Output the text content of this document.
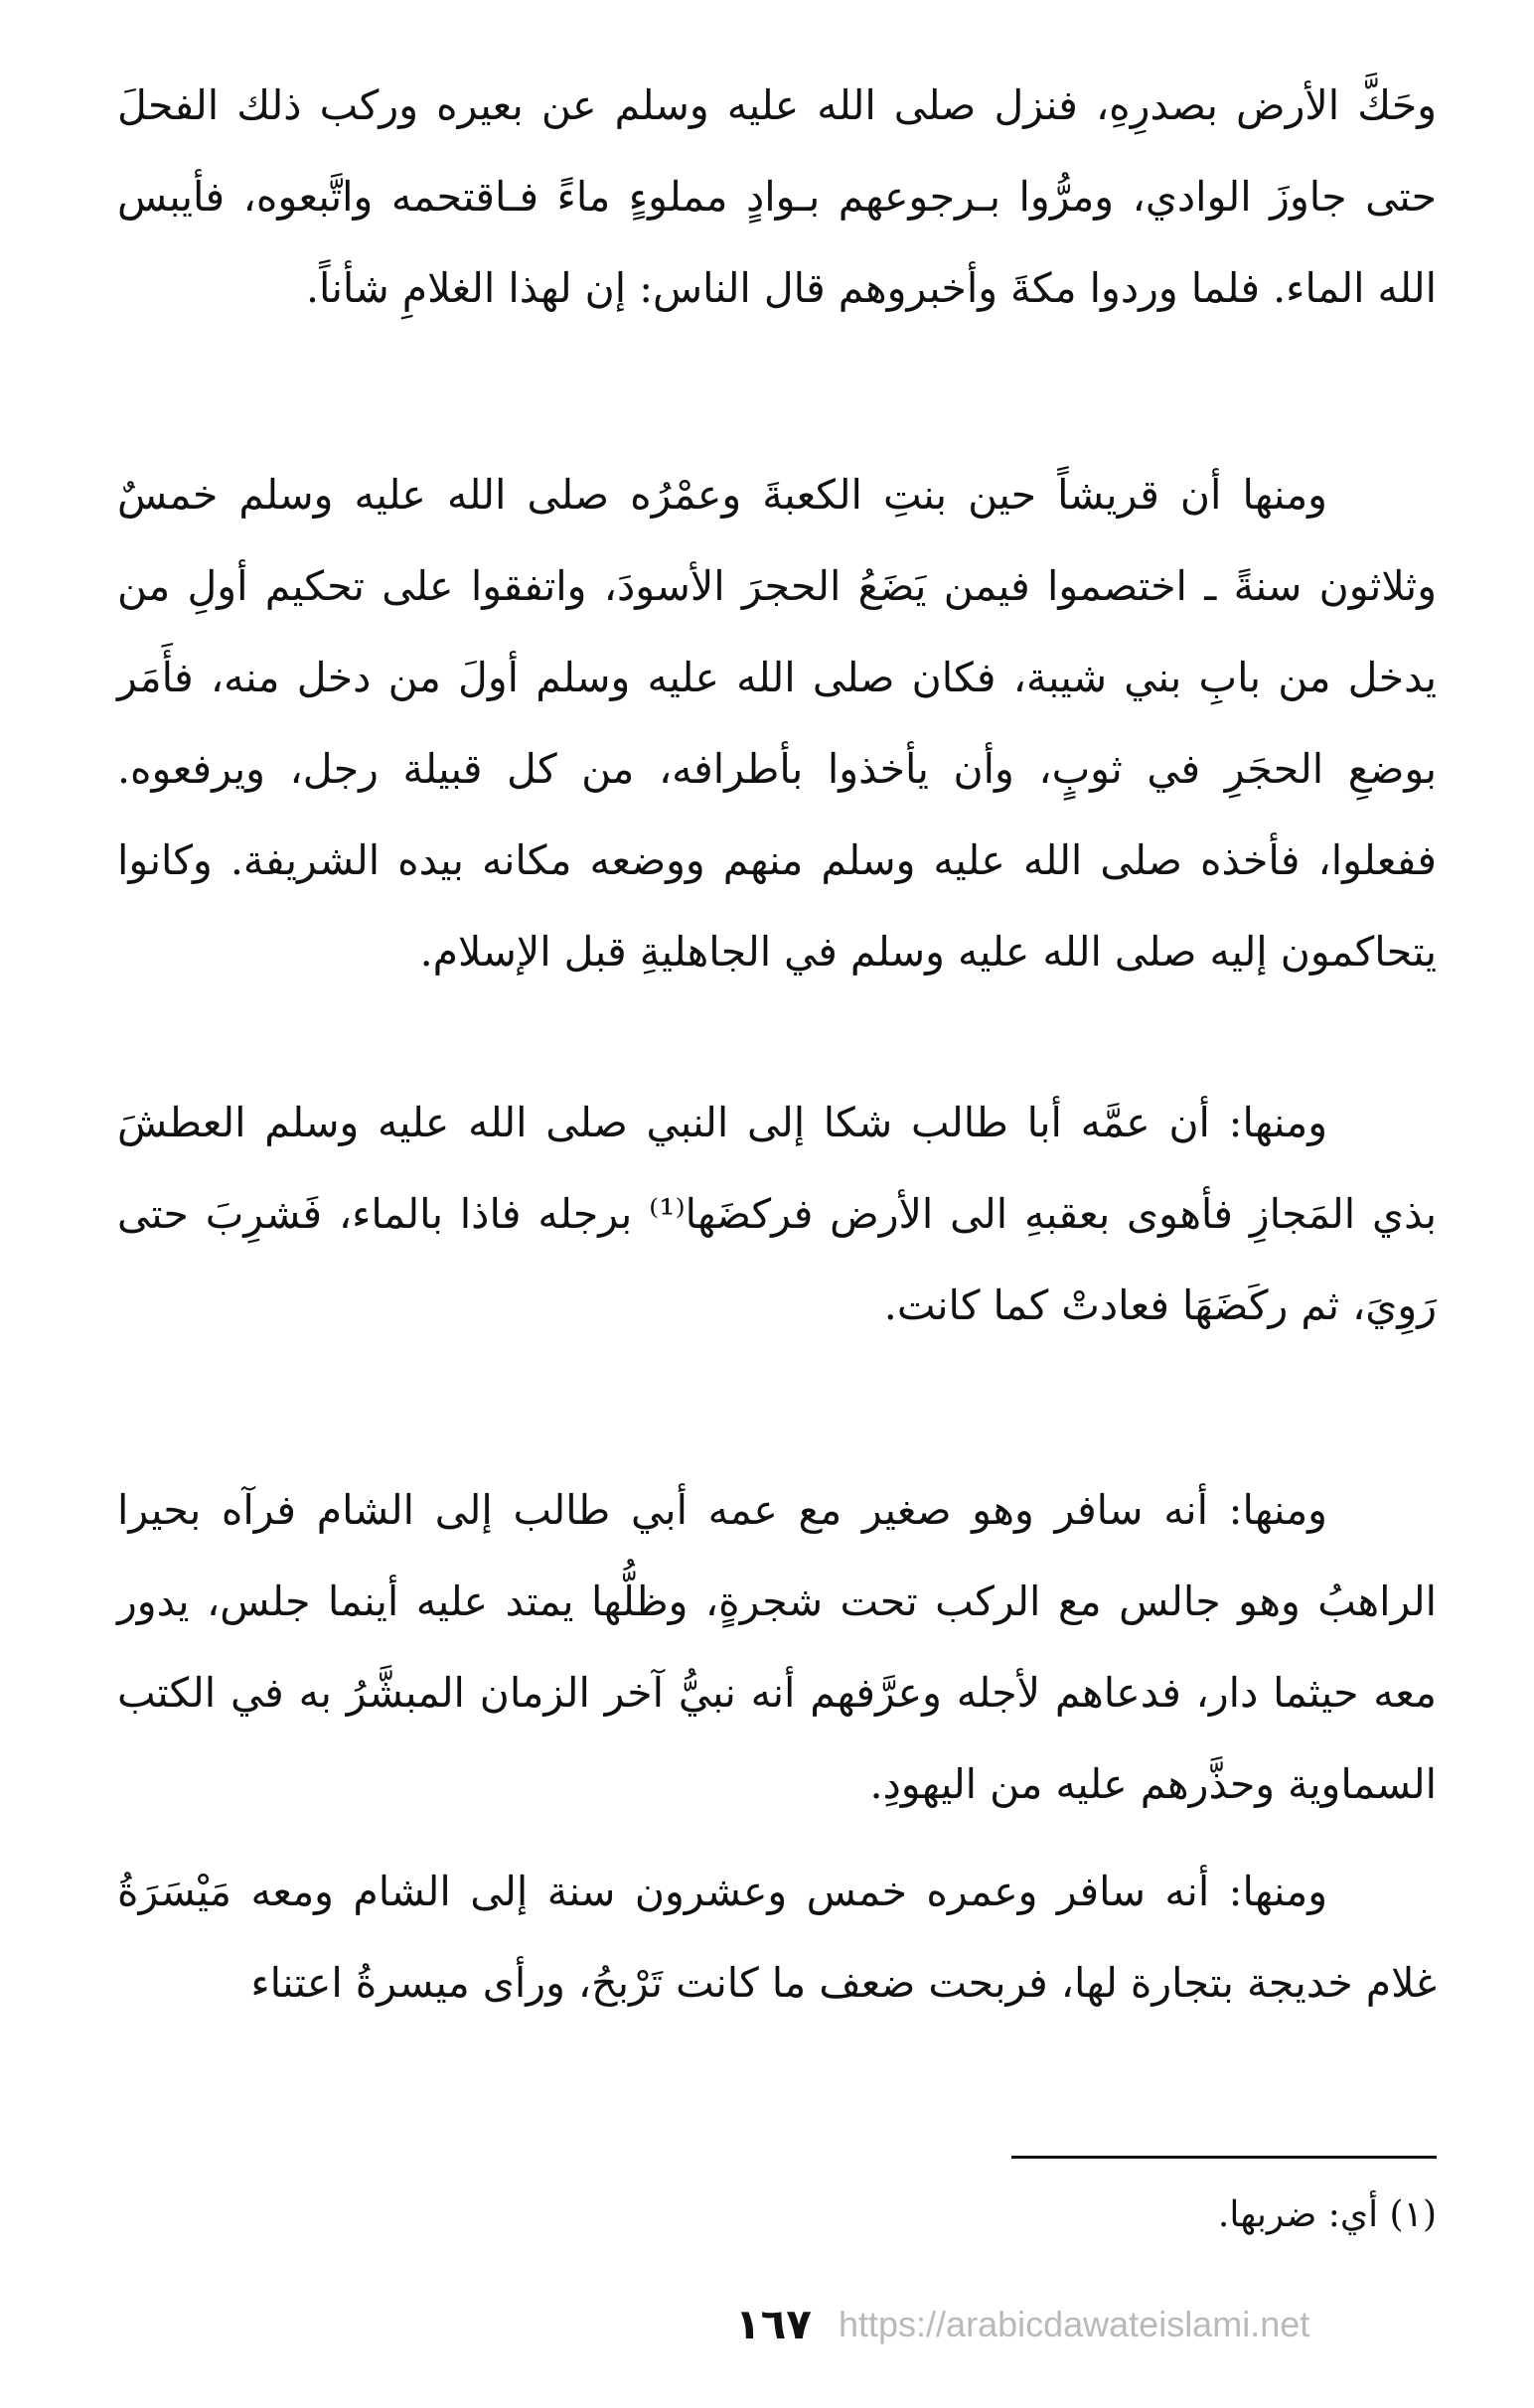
وحَكَّ الأرض بصدرِهِ، فنزل صلى الله عليه وسلم عن بعيره وركب ذلك الفحلَ حتى جاوزَ الوادي، ومرُّوا بـرجوعهم بـوادٍ مملوءٍ ماءً فـاقتحمه واتَّبعوه، فأيبس الله الماء. فلما وردوا مكةَ وأخبروهم قال الناس: إن لهذا الغلامِ شأناً.

ومنها أن قريشاً حين بنتِ الكعبةَ وعمْرُه صلى الله عليه وسلم خمسٌ وثلاثون سنةً ـ اختصموا فيمن يَضَعُ الحجرَ الأسودَ، واتفقوا على تحكيم أولِ من يدخل من بابِ بني شيبة، فكان صلى الله عليه وسلم أولَ من دخل منه، فأَمَر بوضعِ الحجَرِ في ثوبٍ، وأن يأخذوا بأطرافه، من كل قبيلة رجل، ويرفعوه. ففعلوا، فأخذه صلى الله عليه وسلم منهم ووضعه مكانه بيده الشريفة. وكانوا يتحاكمون إليه صلى الله عليه وسلم في الجاهليةِ قبل الإسلام.

ومنها: أن عمَّه أبا طالب شكا إلى النبي صلى الله عليه وسلم العطشَ بذي المَجازِ فأهوى بعقبهِ الى الأرض فركضَها⁽¹⁾ برجله فاذا بالماء، فَشرِبَ حتى رَوِيَ، ثم ركَضَهَا فعادتْ كما كانت.

ومنها: أنه سافر وهو صغير مع عمه أبي طالب إلى الشام فرآه بحيرا الراهبُ وهو جالس مع الركب تحت شجرةٍ، وظلُّها يمتد عليه أينما جلس، يدور معه حيثما دار، فدعاهم لأجله وعرَّفهم أنه نبيُّ آخر الزمان المبشَّرُ به في الكتب السماوية وحذَّرهم عليه من اليهودِ.

ومنها: أنه سافر وعمره خمس وعشرون سنة إلى الشام ومعه مَيْسَرَةُ غلام خديجة بتجارة لها، فربحت ضعف ما كانت تَرْبحُ، ورأى ميسرةُ اعتناء

(١) أي: ضربها.

١٦٧ https://arabicdawateislami.net
